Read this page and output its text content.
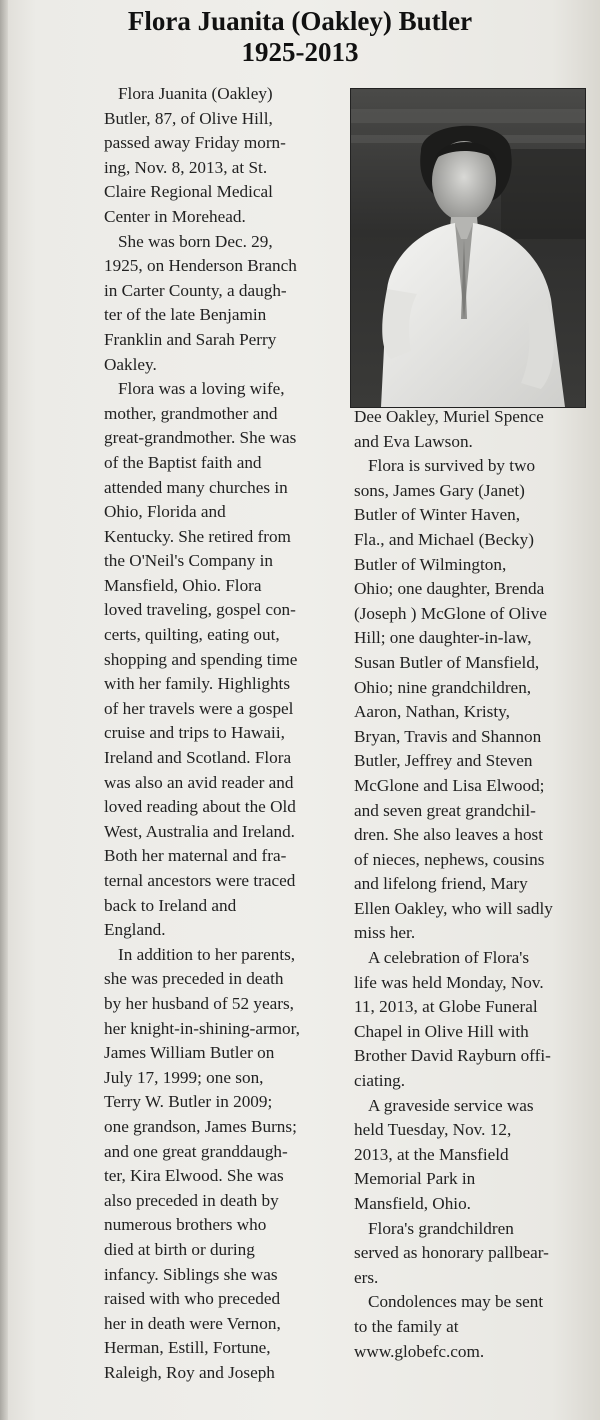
Flora Juanita (Oakley) Butler
1925-2013
Flora Juanita (Oakley)
Butler, 87, of Olive Hill,
passed away Friday morn-
ing, Nov. 8, 2013, at St.
Claire Regional Medical
Center in Morehead.
She was born Dec. 29,
1925, on Henderson Branch
in Carter County, a daugh-
ter of the late Benjamin
Franklin and Sarah Perry
Oakley.
Flora was a loving wife,
mother, grandmother and
great-grandmother. She was
of the Baptist faith and
attended many churches in
Ohio, Florida and
Kentucky. She retired from
the O'Neil's Company in
Mansfield, Ohio. Flora
loved traveling, gospel con-
certs, quilting, eating out,
shopping and spending time
with her family. Highlights
of her travels were a gospel
cruise and trips to Hawaii,
Ireland and Scotland. Flora
was also an avid reader and
loved reading about the Old
West, Australia and Ireland.
Both her maternal and fra-
ternal ancestors were traced
back to Ireland and
England.
In addition to her parents,
she was preceded in death
by her husband of 52 years,
her knight-in-shining-armor,
James William Butler on
July 17, 1999; one son,
Terry W. Butler in 2009;
one grandson, James Burns;
and one great granddaugh-
ter, Kira Elwood. She was
also preceded in death by
numerous brothers who
died at birth or during
infancy. Siblings she was
raised with who preceded
her in death were Vernon,
Herman, Estill, Fortune,
Raleigh, Roy and Joseph
Dee Oakley, Muriel Spence
and Eva Lawson.
Flora is survived by two
sons, James Gary (Janet)
Butler of Winter Haven,
Fla., and Michael (Becky)
Butler of Wilmington,
Ohio; one daughter, Brenda
(Joseph ) McGlone of Olive
Hill; one daughter-in-law,
Susan Butler of Mansfield,
Ohio; nine grandchildren,
Aaron, Nathan, Kristy,
Bryan, Travis and Shannon
Butler, Jeffrey and Steven
McGlone and Lisa Elwood;
and seven great grandchil-
dren. She also leaves a host
of nieces, nephews, cousins
and lifelong friend, Mary
Ellen Oakley, who will sadly
miss her.
A celebration of Flora's
life was held Monday, Nov.
11, 2013, at Globe Funeral
Chapel in Olive Hill with
Brother David Rayburn offi-
ciating.
A graveside service was
held Tuesday, Nov. 12,
2013, at the Mansfield
Memorial Park in
Mansfield, Ohio.
Flora's grandchildren
served as honorary pallbear-
ers.
Condolences may be sent
to the family at
www.globefc.com.
